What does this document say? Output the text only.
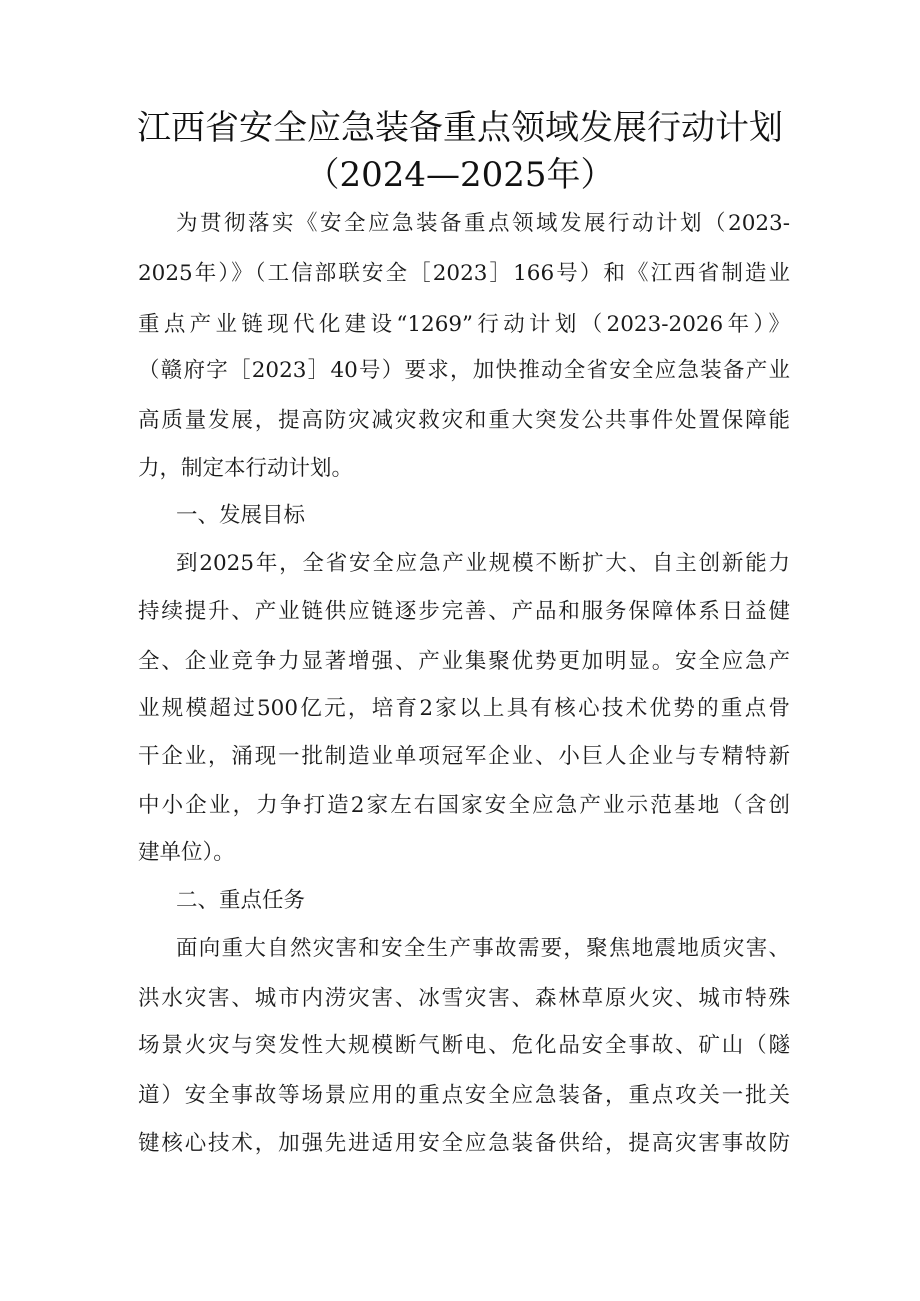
江西省安全应急装备重点领域发展行动计划
（2024—2025年）
为贯彻落实《安全应急装备重点领域发展行动计划（2023-
2025年）》（工信部联安全［2023］166号）和《江西省制造业
重点产业链现代化建设“1269”行动计划（2023-2026年）》
（赣府字［2023］40号）要求，加快推动全省安全应急装备产业
高质量发展，提高防灾减灾救灾和重大突发公共事件处置保障能
力，制定本行动计划。
一、发展目标
到2025年，全省安全应急产业规模不断扩大、自主创新能力
持续提升、产业链供应链逐步完善、产品和服务保障体系日益健
全、企业竞争力显著增强、产业集聚优势更加明显。安全应急产
业规模超过500亿元，培育2家以上具有核心技术优势的重点骨
干企业，涌现一批制造业单项冠军企业、小巨人企业与专精特新
中小企业，力争打造2家左右国家安全应急产业示范基地（含创
建单位）。
二、重点任务
面向重大自然灾害和安全生产事故需要，聚焦地震地质灾害、
洪水灾害、城市内涝灾害、冰雪灾害、森林草原火灾、城市特殊
场景火灾与突发性大规模断气断电、危化品安全事故、矿山（隧
道）安全事故等场景应用的重点安全应急装备，重点攻关一批关
键核心技术，加强先进适用安全应急装备供给，提高灾害事故防
